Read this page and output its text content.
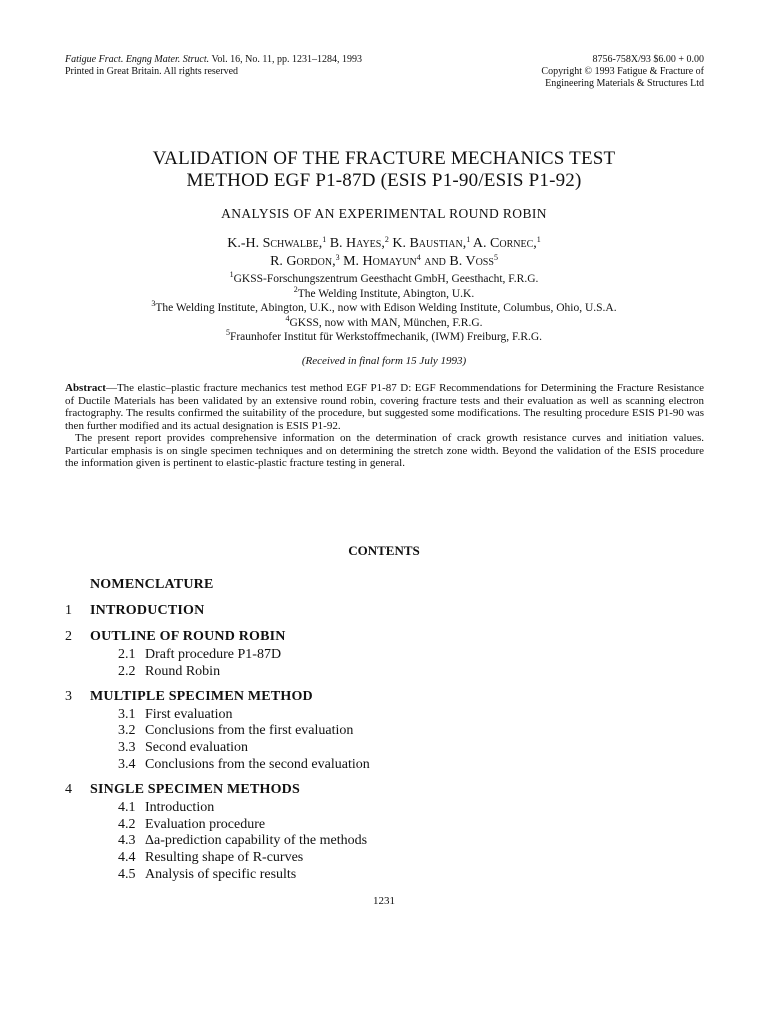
Fatigue Fract. Engng Mater. Struct. Vol. 16, No. 11, pp. 1231–1284, 1993
Printed in Great Britain. All rights reserved
8756-758X/93 $6.00 + 0.00
Copyright © 1993 Fatigue & Fracture of
Engineering Materials & Structures Ltd
VALIDATION OF THE FRACTURE MECHANICS TEST
METHOD EGF P1-87D (ESIS P1-90/ESIS P1-92)
ANALYSIS OF AN EXPERIMENTAL ROUND ROBIN
K.-H. Schwalbe,$^1$ B. Hayes,$^2$ K. Baustian,$^1$ A. Cornec,$^1$
R. Gordon,$^3$ M. Homayun$^4$ and B. Voss$^5$
$^1$GKSS-Forschungszentrum Geesthacht GmbH, Geesthacht, F.R.G.
$^2$The Welding Institute, Abington, U.K.
$^3$The Welding Institute, Abington, U.K., now with Edison Welding Institute, Columbus, Ohio, U.S.A.
$^4$GKSS, now with MAN, München, F.R.G.
$^5$Fraunhofer Institut für Werkstoffmechanik, (IWM) Freiburg, F.R.G.
(Received in final form 15 July 1993)

Abstract—The elastic–plastic fracture mechanics test method EGF P1-87 D: EGF Recommendations for Determining the Fracture Resistance of Ductile Materials has been validated by an extensive round robin, covering fracture tests and their evaluation as well as scanning electron fractography. The results confirmed the suitability of the procedure, but suggested some modifications. The resulting procedure ESIS P1-90 was then further modified and its actual designation is ESIS P1-92.

The present report provides comprehensive information on the determination of crack growth resistance curves and initiation values. Particular emphasis is on single specimen techniques and on determining the stretch zone width. Beyond the validation of the ESIS procedure the information given is pertinent to elastic-plastic fracture testing in general.

CONTENTS
NOMENCLATURE
1	INTRODUCTION
2	OUTLINE OF ROUND ROBIN
2.1 Draft procedure P1-87D
2.2 Round Robin
3	MULTIPLE SPECIMEN METHOD
3.1 First evaluation
3.2 Conclusions from the first evaluation
3.3 Second evaluation
3.4 Conclusions from the second evaluation
4	SINGLE SPECIMEN METHODS
4.1 Introduction
4.2 Evaluation procedure
4.3 Δa-prediction capability of the methods
4.4 Resulting shape of R-curves
4.5 Analysis of specific results
1231
